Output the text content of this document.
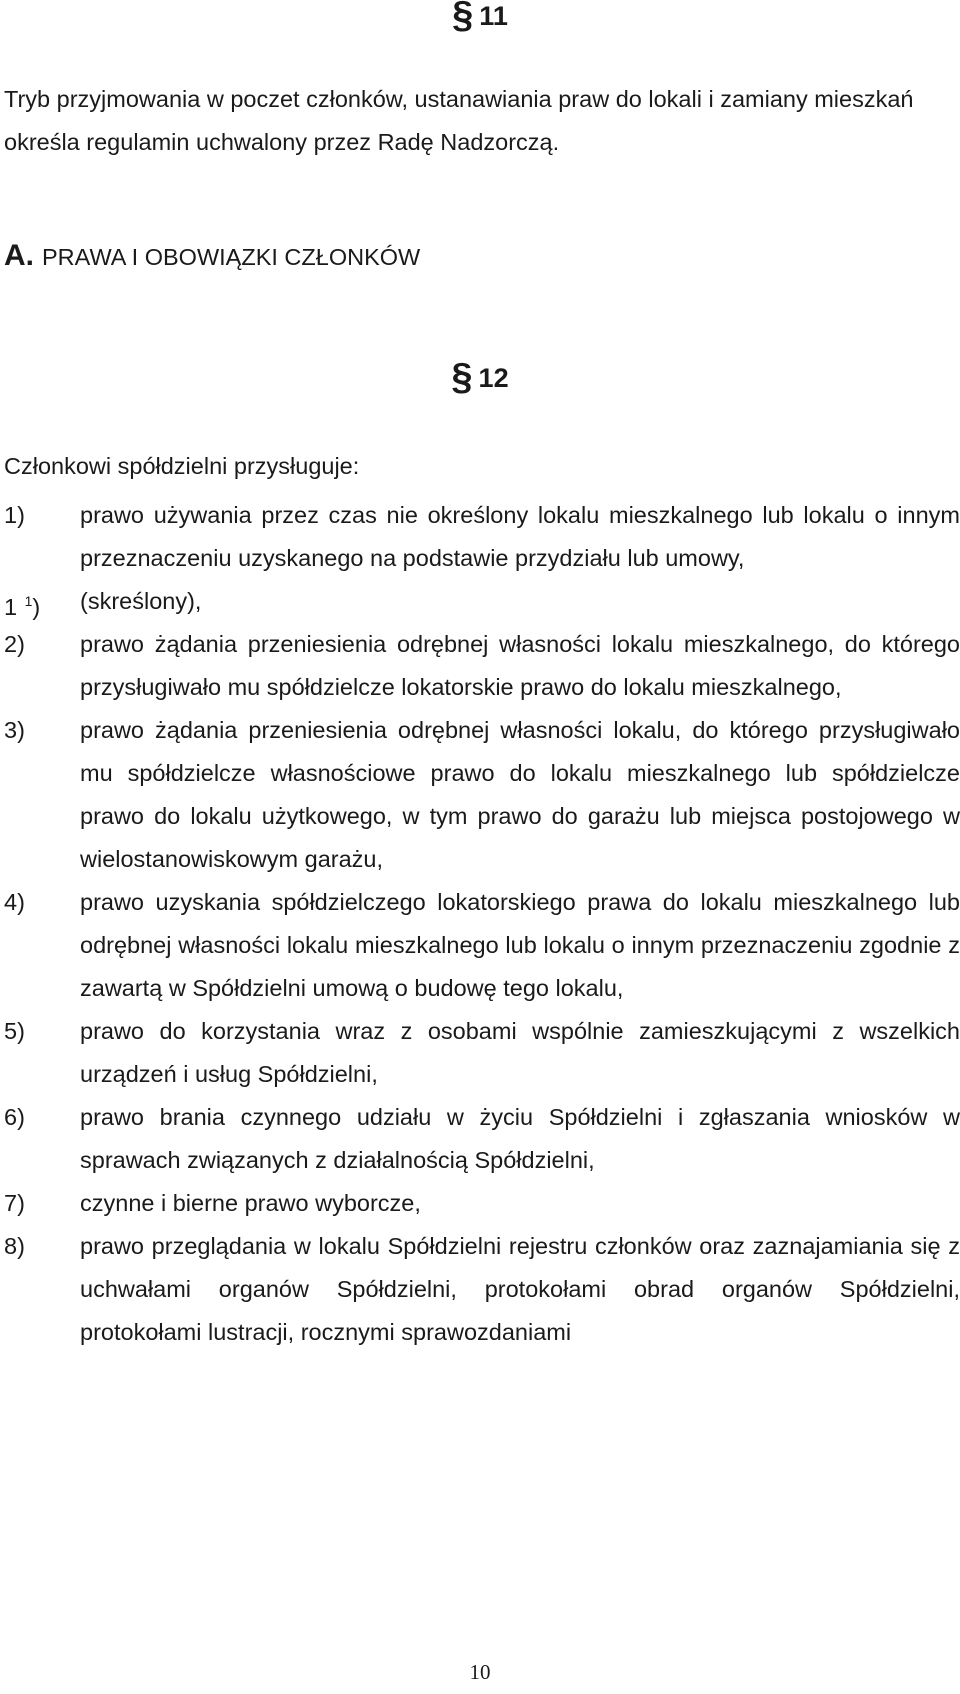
§ 11

Tryb przyjmowania w poczet członków, ustanawiania praw do lokali i zamiany mieszkań określa regulamin uchwalony przez Radę Nadzorczą.

A. PRAWA I OBOWIĄZKI CZŁONKÓW
§ 12
Członkowi spółdzielni przysługuje:
1) prawo używania przez czas nie określony lokalu mieszkalnego lub lokalu o innym przeznaczeniu uzyskanego na podstawie przydziału lub umowy,
1 $^1$) (skreślony),
2) prawo żądania przeniesienia odrębnej własności lokalu mieszkalnego, do którego przysługiwało mu spółdzielcze lokatorskie prawo do lokalu mieszkalnego,
3) prawo żądania przeniesienia odrębnej własności lokalu, do którego przysługiwało mu spółdzielcze własnościowe prawo do lokalu mieszkalnego lub spółdzielcze prawo do lokalu użytkowego, w tym prawo do garażu lub miejsca postojowego w wielostanowiskowym garażu,
4) prawo uzyskania spółdzielczego lokatorskiego prawa do lokalu mieszkalnego lub odrębnej własności lokalu mieszkalnego lub lokalu o innym przeznaczeniu zgodnie z zawartą w Spółdzielni umową o budowę tego lokalu,
5) prawo do korzystania wraz z osobami wspólnie zamieszkującymi z wszelkich urządzeń i usług Spółdzielni,
6) prawo brania czynnego udziału w życiu Spółdzielni i zgłaszania wniosków w sprawach związanych z działalnością Spółdzielni,
7) czynne i bierne prawo wyborcze,
8) prawo przeglądania w lokalu Spółdzielni rejestru członków oraz zaznajamiania się z uchwałami organów Spółdzielni, protokołami obrad organów Spółdzielni, protokołami lustracji, rocznymi sprawozdaniami
10
